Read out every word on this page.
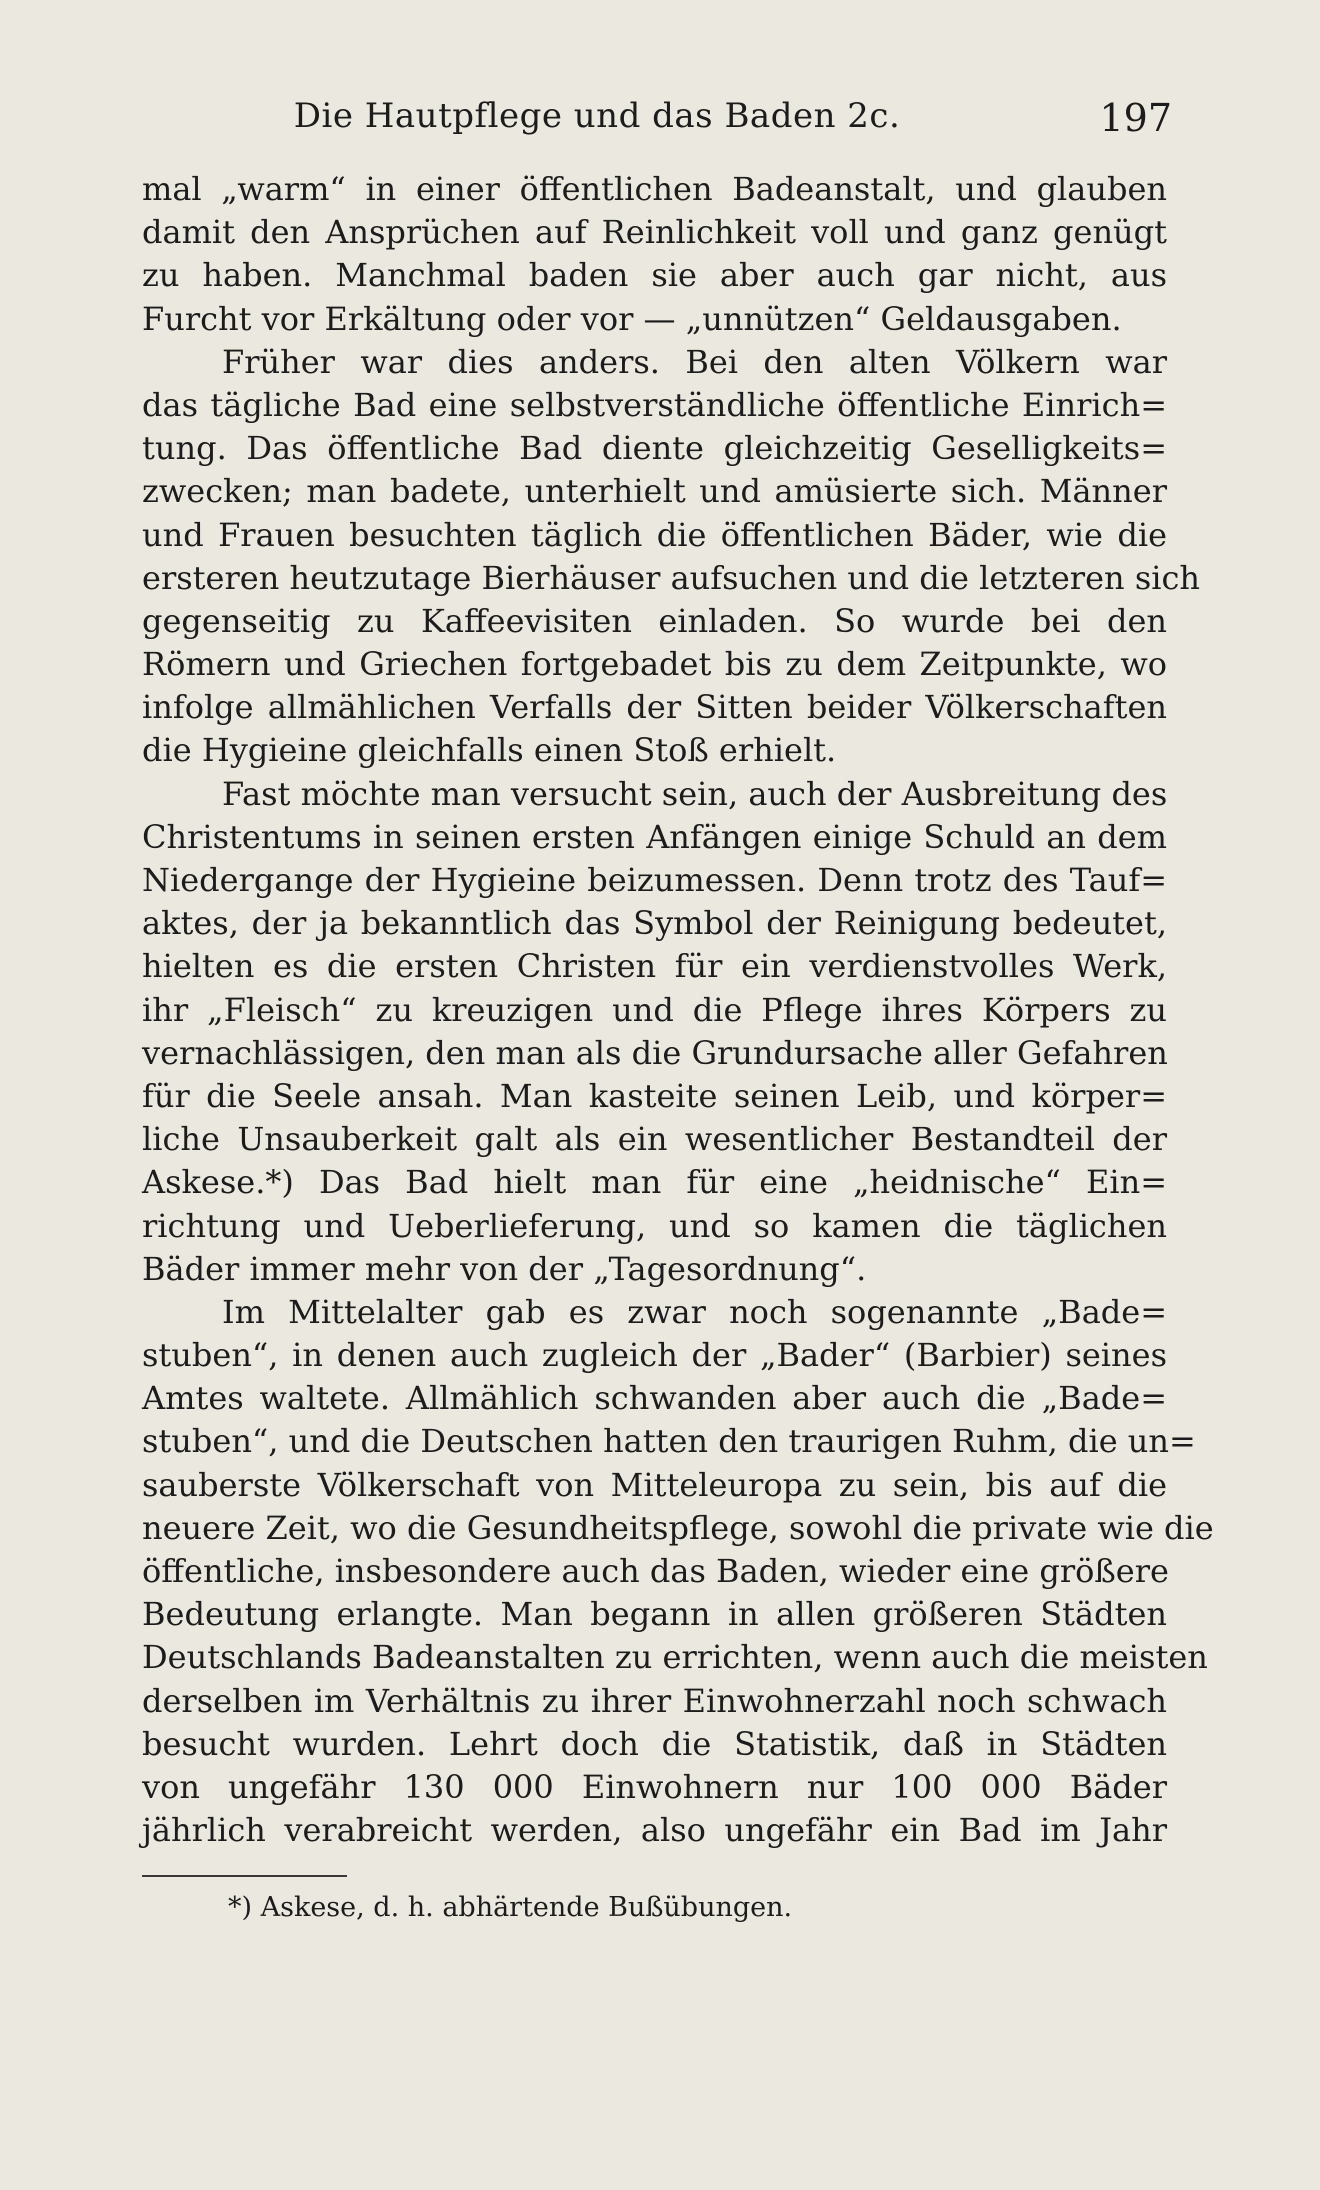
Die Hautpflege und das Baden 2c.	197
mal „warm“ in einer öffentlichen Badeanstalt, und glauben
damit den Ansprüchen auf Reinlichkeit voll und ganz genügt
zu haben. Manchmal baden sie aber auch gar nicht, aus
Furcht vor Erkältung oder vor — „unnützen“ Geldausgaben.
Früher war dies anders. Bei den alten Völkern war
das tägliche Bad eine selbstverständliche öffentliche Einrich=
tung. Das öffentliche Bad diente gleichzeitig Geselligkeits=
zwecken; man badete, unterhielt und amüsierte sich. Männer
und Frauen besuchten täglich die öffentlichen Bäder, wie die
ersteren heutzutage Bierhäuser aufsuchen und die letzteren sich
gegenseitig zu Kaffeevisiten einladen. So wurde bei den
Römern und Griechen fortgebadet bis zu dem Zeitpunkte, wo
infolge allmählichen Verfalls der Sitten beider Völkerschaften
die Hygieine gleichfalls einen Stoß erhielt.
Fast möchte man versucht sein, auch der Ausbreitung des
Christentums in seinen ersten Anfängen einige Schuld an dem
Niedergange der Hygieine beizumessen. Denn trotz des Tauf=
aktes, der ja bekanntlich das Symbol der Reinigung bedeutet,
hielten es die ersten Christen für ein verdienstvolles Werk,
ihr „Fleisch“ zu kreuzigen und die Pflege ihres Körpers zu
vernachlässigen, den man als die Grundursache aller Gefahren
für die Seele ansah. Man kasteite seinen Leib, und körper=
liche Unsauberkeit galt als ein wesentlicher Bestandteil der
Askese.*) Das Bad hielt man für eine „heidnische“ Ein=
richtung und Ueberlieferung, und so kamen die täglichen
Bäder immer mehr von der „Tagesordnung“.
Im Mittelalter gab es zwar noch sogenannte „Bade=
stuben“, in denen auch zugleich der „Bader“ (Barbier) seines
Amtes waltete. Allmählich schwanden aber auch die „Bade=
stuben“, und die Deutschen hatten den traurigen Ruhm, die un=
sauberste Völkerschaft von Mitteleuropa zu sein, bis auf die
neuere Zeit, wo die Gesundheitspflege, sowohl die private wie die
öffentliche, insbesondere auch das Baden, wieder eine größere
Bedeutung erlangte. Man begann in allen größeren Städten
Deutschlands Badeanstalten zu errichten, wenn auch die meisten
derselben im Verhältnis zu ihrer Einwohnerzahl noch schwach
besucht wurden. Lehrt doch die Statistik, daß in Städten
von ungefähr 130 000 Einwohnern nur 100 000 Bäder
jährlich verabreicht werden, also ungefähr ein Bad im Jahr
*) Askese, d. h. abhärtende Bußübungen.
